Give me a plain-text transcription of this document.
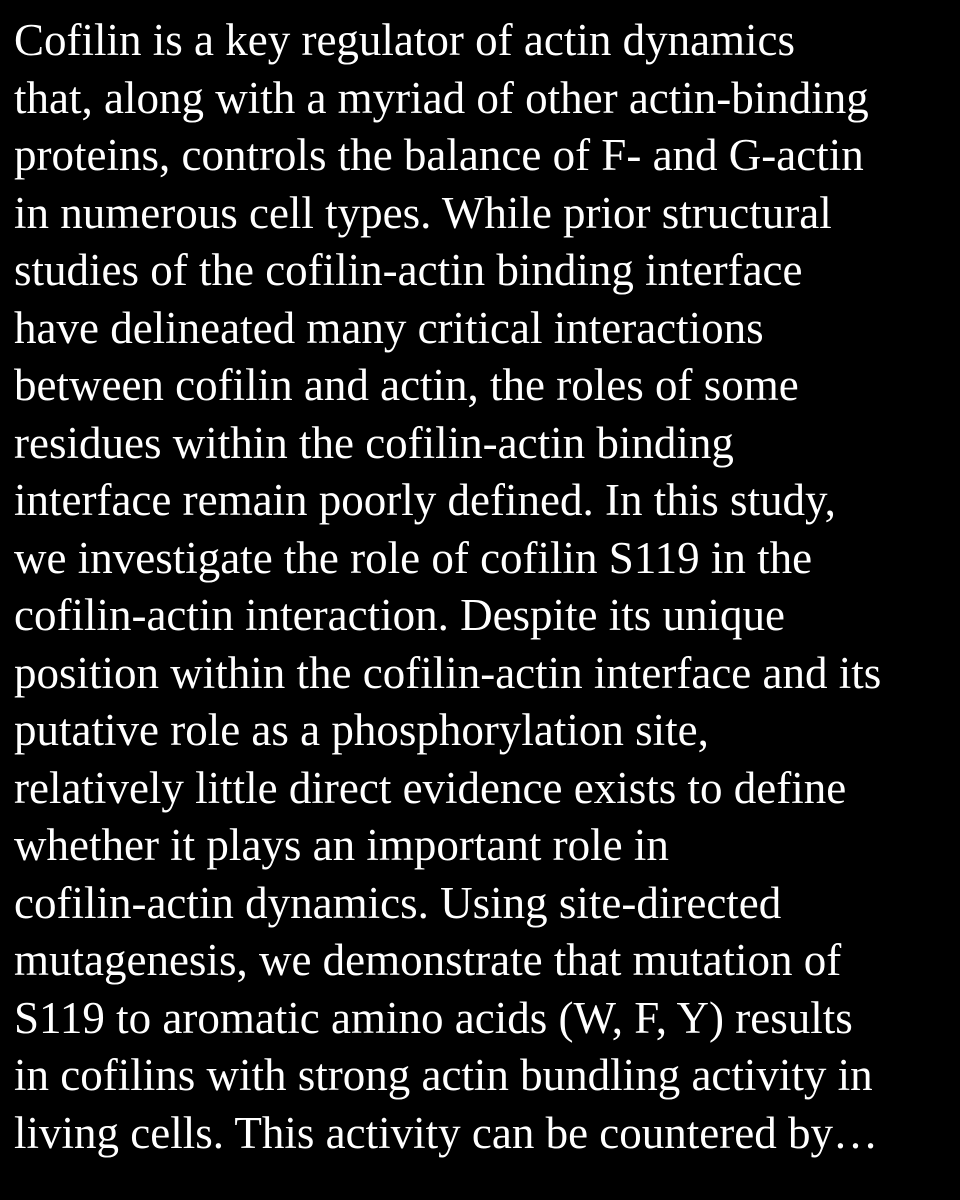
Cofilin is a key regulator of actin dynamics
that, along with a myriad of other actin-binding
proteins, controls the balance of F- and G-actin
in numerous cell types. While prior structural
studies of the cofilin-actin binding interface
have delineated many critical interactions
between cofilin and actin, the roles of some
residues within the cofilin-actin binding
interface remain poorly defined. In this study,
we investigate the role of cofilin S119 in the
cofilin-actin interaction. Despite its unique
position within the cofilin-actin interface and its
putative role as a phosphorylation site,
relatively little direct evidence exists to define
whether it plays an important role in
cofilin-actin dynamics. Using site-directed
mutagenesis, we demonstrate that mutation of
S119 to aromatic amino acids (W, F, Y) results
in cofilins with strong actin bundling activity in
living cells. This activity can be countered by…
